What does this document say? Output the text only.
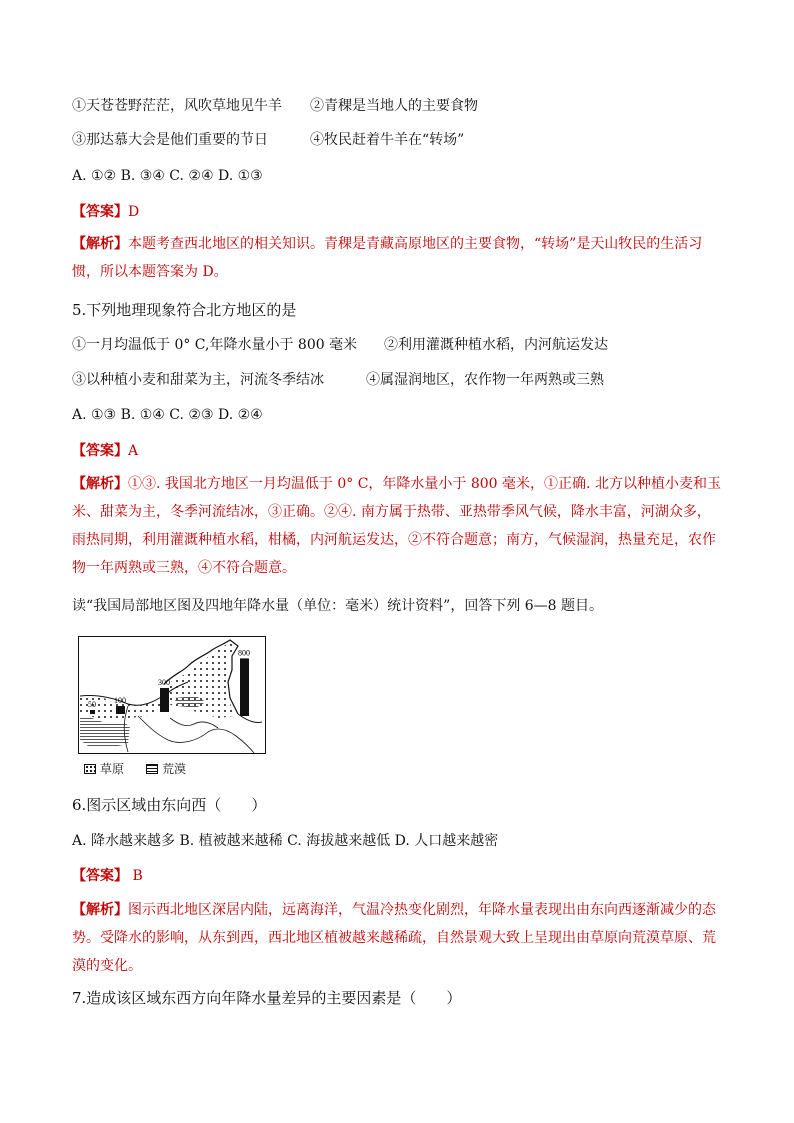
①天苍苍野茫茫，风吹草地见牛羊 ②青稞是当地人的主要食物
③那达慕大会是他们重要的节日	④牧民赶着牛羊在“转场”
A. ①② B. ③④ C. ②④ D. ①③
【答案】D
【解析】本题考查西北地区的相关知识。青稞是青藏高原地区的主要食物，“转场”是天山牧民的生活习惯，所以本题答案为 D。
5.下列地理现象符合北方地区的是
①一月均温低于 0° C,年降水量小于 800 毫米 ②利用灌溉种植水稻，内河航运发达
③以种植小麦和甜菜为主，河流冬季结冰	④属湿润地区，农作物一年两熟或三熟
A. ①③ B. ①④ C. ②③ D. ②④
【答案】A
【解析】①③. 我国北方地区一月均温低于 0° C，年降水量小于 800 毫米，①正确. 北方以种植小麦和玉米、甜菜为主，冬季河流结冰，③正确。②④. 南方属于热带、亚热带季风气候，降水丰富，河湖众多，雨热同期，利用灌溉种植水稻，柑橘，内河航运发达，②不符合题意；南方，气候湿润，热量充足，农作物一年两熟或三熟，④不符合题意。
读“我国局部地区图及四地年降水量（单位：毫米）统计资料”，回答下列 6—8 题目。
50 100
300
800
草原	荒漠
6.图示区域由东向西（　　）
A. 降水越来越多 B. 植被越来越稀 C. 海拔越来越低 D. 人口越来越密
【答案】 B
【解析】图示西北地区深居内陆，远离海洋，气温冷热变化剧烈，年降水量表现出由东向西逐渐减少的态势。受降水的影响，从东到西，西北地区植被越来越稀疏，自然景观大致上呈现出由草原向荒漠草原、荒漠的变化。
7.造成该区域东西方向年降水量差异的主要因素是（　　）
